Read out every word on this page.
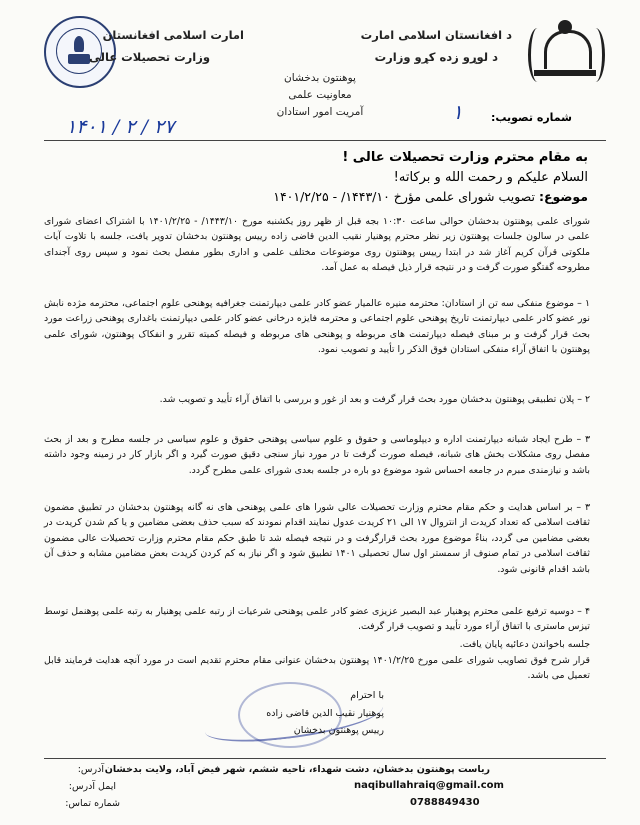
امارت اسلامی افغانستان
وزارت تحصیلات عالی
د افغانستان اسلامی امارت
د لوړو زده کړو وزارت
پوهنتون بدخشان
معاونیت علمی
آمریت امور استادان	شماره تصویب:
۱
۱۴۰۱ / ۲ / ۲۷
به مقام محترم وزارت تحصیلات عالی !
السلام علیکم و رحمت الله و برکاته!
موضوع: تصویب شورای علمی مؤرخ ۱۴۴۳/۱۰/ - ۱۴۰۱/۲/۲۵
شورای علمی پوهنتون بدخشان حوالی ساعت ۱۰:۳۰ بجه قبل از ظهر روز یکشنبه مورخ ۱۴۴۳/۱۰/ - ۱۴۰۱/۲/۲۵ با اشتراک اعضای شورای علمی در سالون جلسات پوهنتون زیر نظر محترم پوهنیار نقیب الدین قاضی زاده رییس پوهنتون بدخشان تدویر یافت، جلسه با تلاوت آیات ملکوتی قرآن کریم آغاز شد در ابتدا رییس پوهنتون روی موضوعات مختلف علمی و اداری بطور مفصل بحث نمود و سپس روی آجندای مطروحه گفتگو صورت گرفت و در نتیجه قرار ذیل فیصله به عمل آمد.
۱ – موضوع منفکی سه تن از استادان: محترمه منیره عالمیار عضو کادر علمی دیپارتمنت جغرافیه پوهنحی علوم اجتماعی، محترمه مژده نابش نور عضو کادر علمی دیپارتمنت تاریخ پوهنحی علوم اجتماعی و محترمه فایزه درخانی عضو کادر علمی دیپارتمنت باغداری پوهنحی زراعت مورد بحث قرار گرفت و بر مبنای فیصله دیپارتمنت های مربوطه و پوهنحی های مربوطه و فیصله کمیته تقرر و انفکاک پوهنتون، شورای علمی پوهنتون با اتفاق آراء منفکی استادان فوق الذکر را تأیید و تصویب نمود.
۲ – پلان تطبیقی پوهنتون بدخشان مورد بحث قرار گرفت و بعد از غور و بررسی با اتفاق آراء تأیید و تصویب شد.
۳ – طرح ایجاد شبانه دیپارتمنت اداره و دیپلوماسی و حقوق و علوم سیاسی پوهنحی حقوق و علوم سیاسی در جلسه مطرح و بعد از بحث مفصل روی مشکلات بخش های شبانه، فیصله صورت گرفت تا در مورد نیاز سنجی دقیق صورت گیرد و اگر بازار کار در زمینه وجود داشته باشد و نیازمندی مبرم در جامعه احساس شود موضوع دو باره در جلسه بعدی شورای علمی مطرح گردد.
۳ – بر اساس هدایت و حکم مقام محترم وزارت تحصیلات عالی شورا های علمی پوهنحی های نه گانه پوهنتون بدخشان در تطبیق مضمون ثقافت اسلامی که تعداد کریدت از انتروال ۱۷ الی ۲۱ کریدت عدول نمایند اقدام نمودند که سبب حذف بعضی مضامین و یا کم شدن کریدت در بعضی مضامین می گردد، بناءً موضوع مورد بحث قرارگرفت و در نتیجه فیصله شد تا طبق حکم مقام محترم وزارت تحصیلات عالی مضمون ثقافت اسلامی در تمام صنوف از سمستر اول سال تحصیلی ۱۴۰۱ تطبیق شود و اگر نیاز به کم کردن کریدت بعض مضامین مشابه و حذف آن باشد اقدام قانونی شود.
۴ – دوسیه ترفیع علمی محترم پوهنیار عبد البصیر عزیزی عضو کادر علمی پوهنحی شرعیات از رتبه علمی پوهنیار به رتبه علمی پوهنمل توسط تیزس ماستری با اتفاق آراء مورد تأیید و تصویب قرار گرفت.
جلسه باخواندن دعائیه پایان یافت.
قرار شرح فوق تصاویب شورای علمی مورخ ۱۴۰۱/۲/۲۵ پوهنتون بدخشان عنوانی مقام محترم تقدیم است در مورد آنچه هدایت فرمایند قابل تعمیل می باشد.
با احترام
پوهنیار نقیب الدین قاضی زاده
رییس پوهنتون بدخشان
آدرس: ریاست پوهنتون بدخشان، دشت شهداء، ناحیه ششم، شهر فیض آباد، ولایت بدخشان
ایمل آدرس:	naqibullahraiq@gmail.com
شماره تماس:	0788849430
